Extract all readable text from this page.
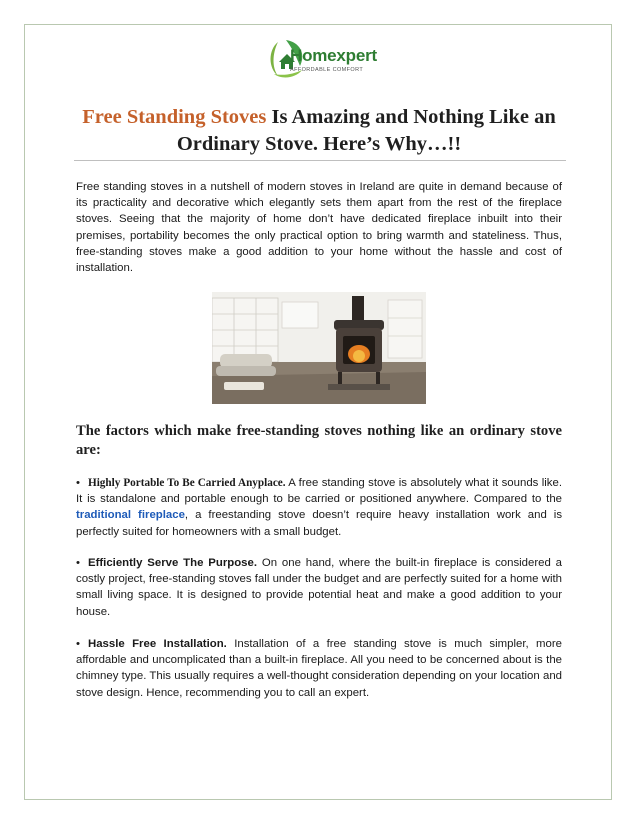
Homexpert
AFFORDABLE COMFORT
Free Standing Stoves Is Amazing and Nothing Like an Ordinary Stove. Here’s Why…!!

Free standing stoves in a nutshell of modern stoves in Ireland are quite in demand because of its practicality and decorative which elegantly sets them apart from the rest of the fireplace stoves. Seeing that the majority of home don’t have dedicated fireplace inbuilt into their premises, portability becomes the only practical option to bring warmth and stateliness. Thus, free-standing stoves make a good addition to your home without the hassle and cost of installation.

The factors which make free-standing stoves nothing like an ordinary stove are:

• Highly Portable To Be Carried Anyplace. A free standing stove is absolutely what it sounds like. It is standalone and portable enough to be carried or positioned anywhere. Compared to the traditional fireplace, a freestanding stove doesn’t require heavy installation work and is perfectly suited for homeowners with a small budget.

• Efficiently Serve The Purpose. On one hand, where the built-in fireplace is considered a costly project, free-standing stoves fall under the budget and are perfectly suited for a home with small living space. It is designed to provide potential heat and make a good addition to your house.

• Hassle Free Installation. Installation of a free standing stove is much simpler, more affordable and uncomplicated than a built-in fireplace. All you need to be concerned about is the chimney type. This usually requires a well-thought consideration depending on your location and stove design. Hence, recommending you to call an expert.
